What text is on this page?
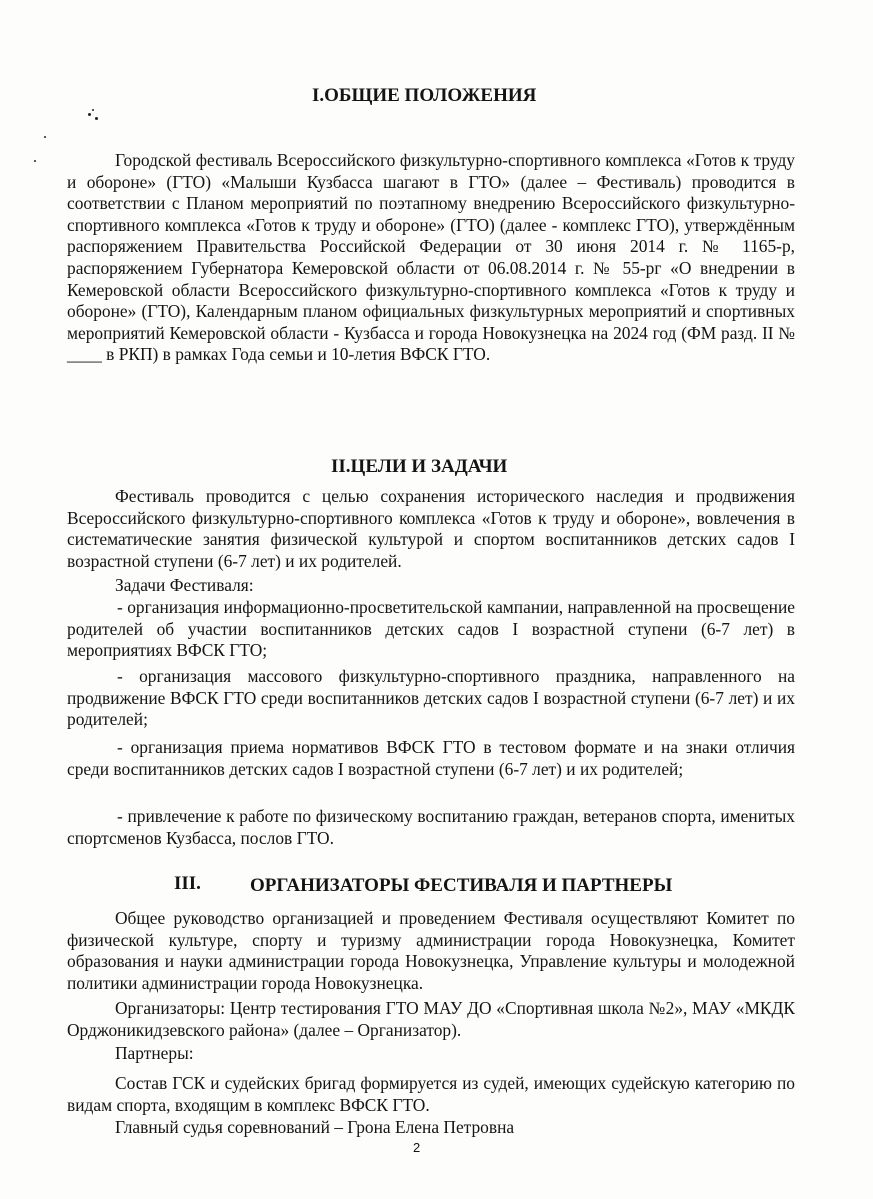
I.ОБЩИЕ ПОЛОЖЕНИЯ

Городской фестиваль Всероссийского физкультурно-спортивного комплекса «Готов к труду и обороне» (ГТО) «Малыши Кузбасса шагают в ГТО» (далее – Фестиваль) проводится в соответствии с Планом мероприятий по поэтапному внедрению Всероссийского физкультурно-спортивного комплекса «Готов к труду и обороне» (ГТО) (далее - комплекс ГТО), утверждённым распоряжением Правительства Российской Федерации от 30 июня 2014 г. № 1165-р, распоряжением Губернатора Кемеровской области от 06.08.2014 г. № 55-рг «О внедрении в Кемеровской области Всероссийского физкультурно-спортивного комплекса «Готов к труду и обороне» (ГТО), Календарным планом официальных физкультурных мероприятий и спортивных мероприятий Кемеровской области - Кузбасса и города Новокузнецка на 2024 год (ФМ разд. II № ____ в РКП) в рамках Года семьи и 10-летия ВФСК ГТО.

II.ЦЕЛИ И ЗАДАЧИ

Фестиваль проводится с целью сохранения исторического наследия и продвижения Всероссийского физкультурно-спортивного комплекса «Готов к труду и обороне», вовлечения в систематические занятия физической культурой и спортом воспитанников детских садов I возрастной ступени (6-7 лет) и их родителей.

Задачи Фестиваля:

- организация информационно-просветительской кампании, направленной на просвещение родителей об участии воспитанников детских садов I возрастной ступени (6-7 лет) в мероприятиях ВФСК ГТО;

- организация массового физкультурно-спортивного праздника, направленного на продвижение ВФСК ГТО среди воспитанников детских садов I возрастной ступени (6-7 лет) и их родителей;

- организация приема нормативов ВФСК ГТО в тестовом формате и на знаки отличия среди воспитанников детских садов I возрастной ступени (6-7 лет) и их родителей;

- привлечение к работе по физическому воспитанию граждан, ветеранов спорта, именитых спортсменов Кузбасса, послов ГТО.

III.	ОРГАНИЗАТОРЫ ФЕСТИВАЛЯ И ПАРТНЕРЫ

Общее руководство организацией и проведением Фестиваля осуществляют Комитет по физической культуре, спорту и туризму администрации города Новокузнецка, Комитет образования и науки администрации города Новокузнецка, Управление культуры и молодежной политики администрации города Новокузнецка.

Организаторы: Центр тестирования ГТО МАУ ДО «Спортивная школа №2», МАУ «МКДК Орджоникидзевского района» (далее – Организатор).

Партнеры:

Состав ГСК и судейских бригад формируется из судей, имеющих судейскую категорию по видам спорта, входящим в комплекс ВФСК ГТО.

Главный судья соревнований – Грона Елена Петровна

2
